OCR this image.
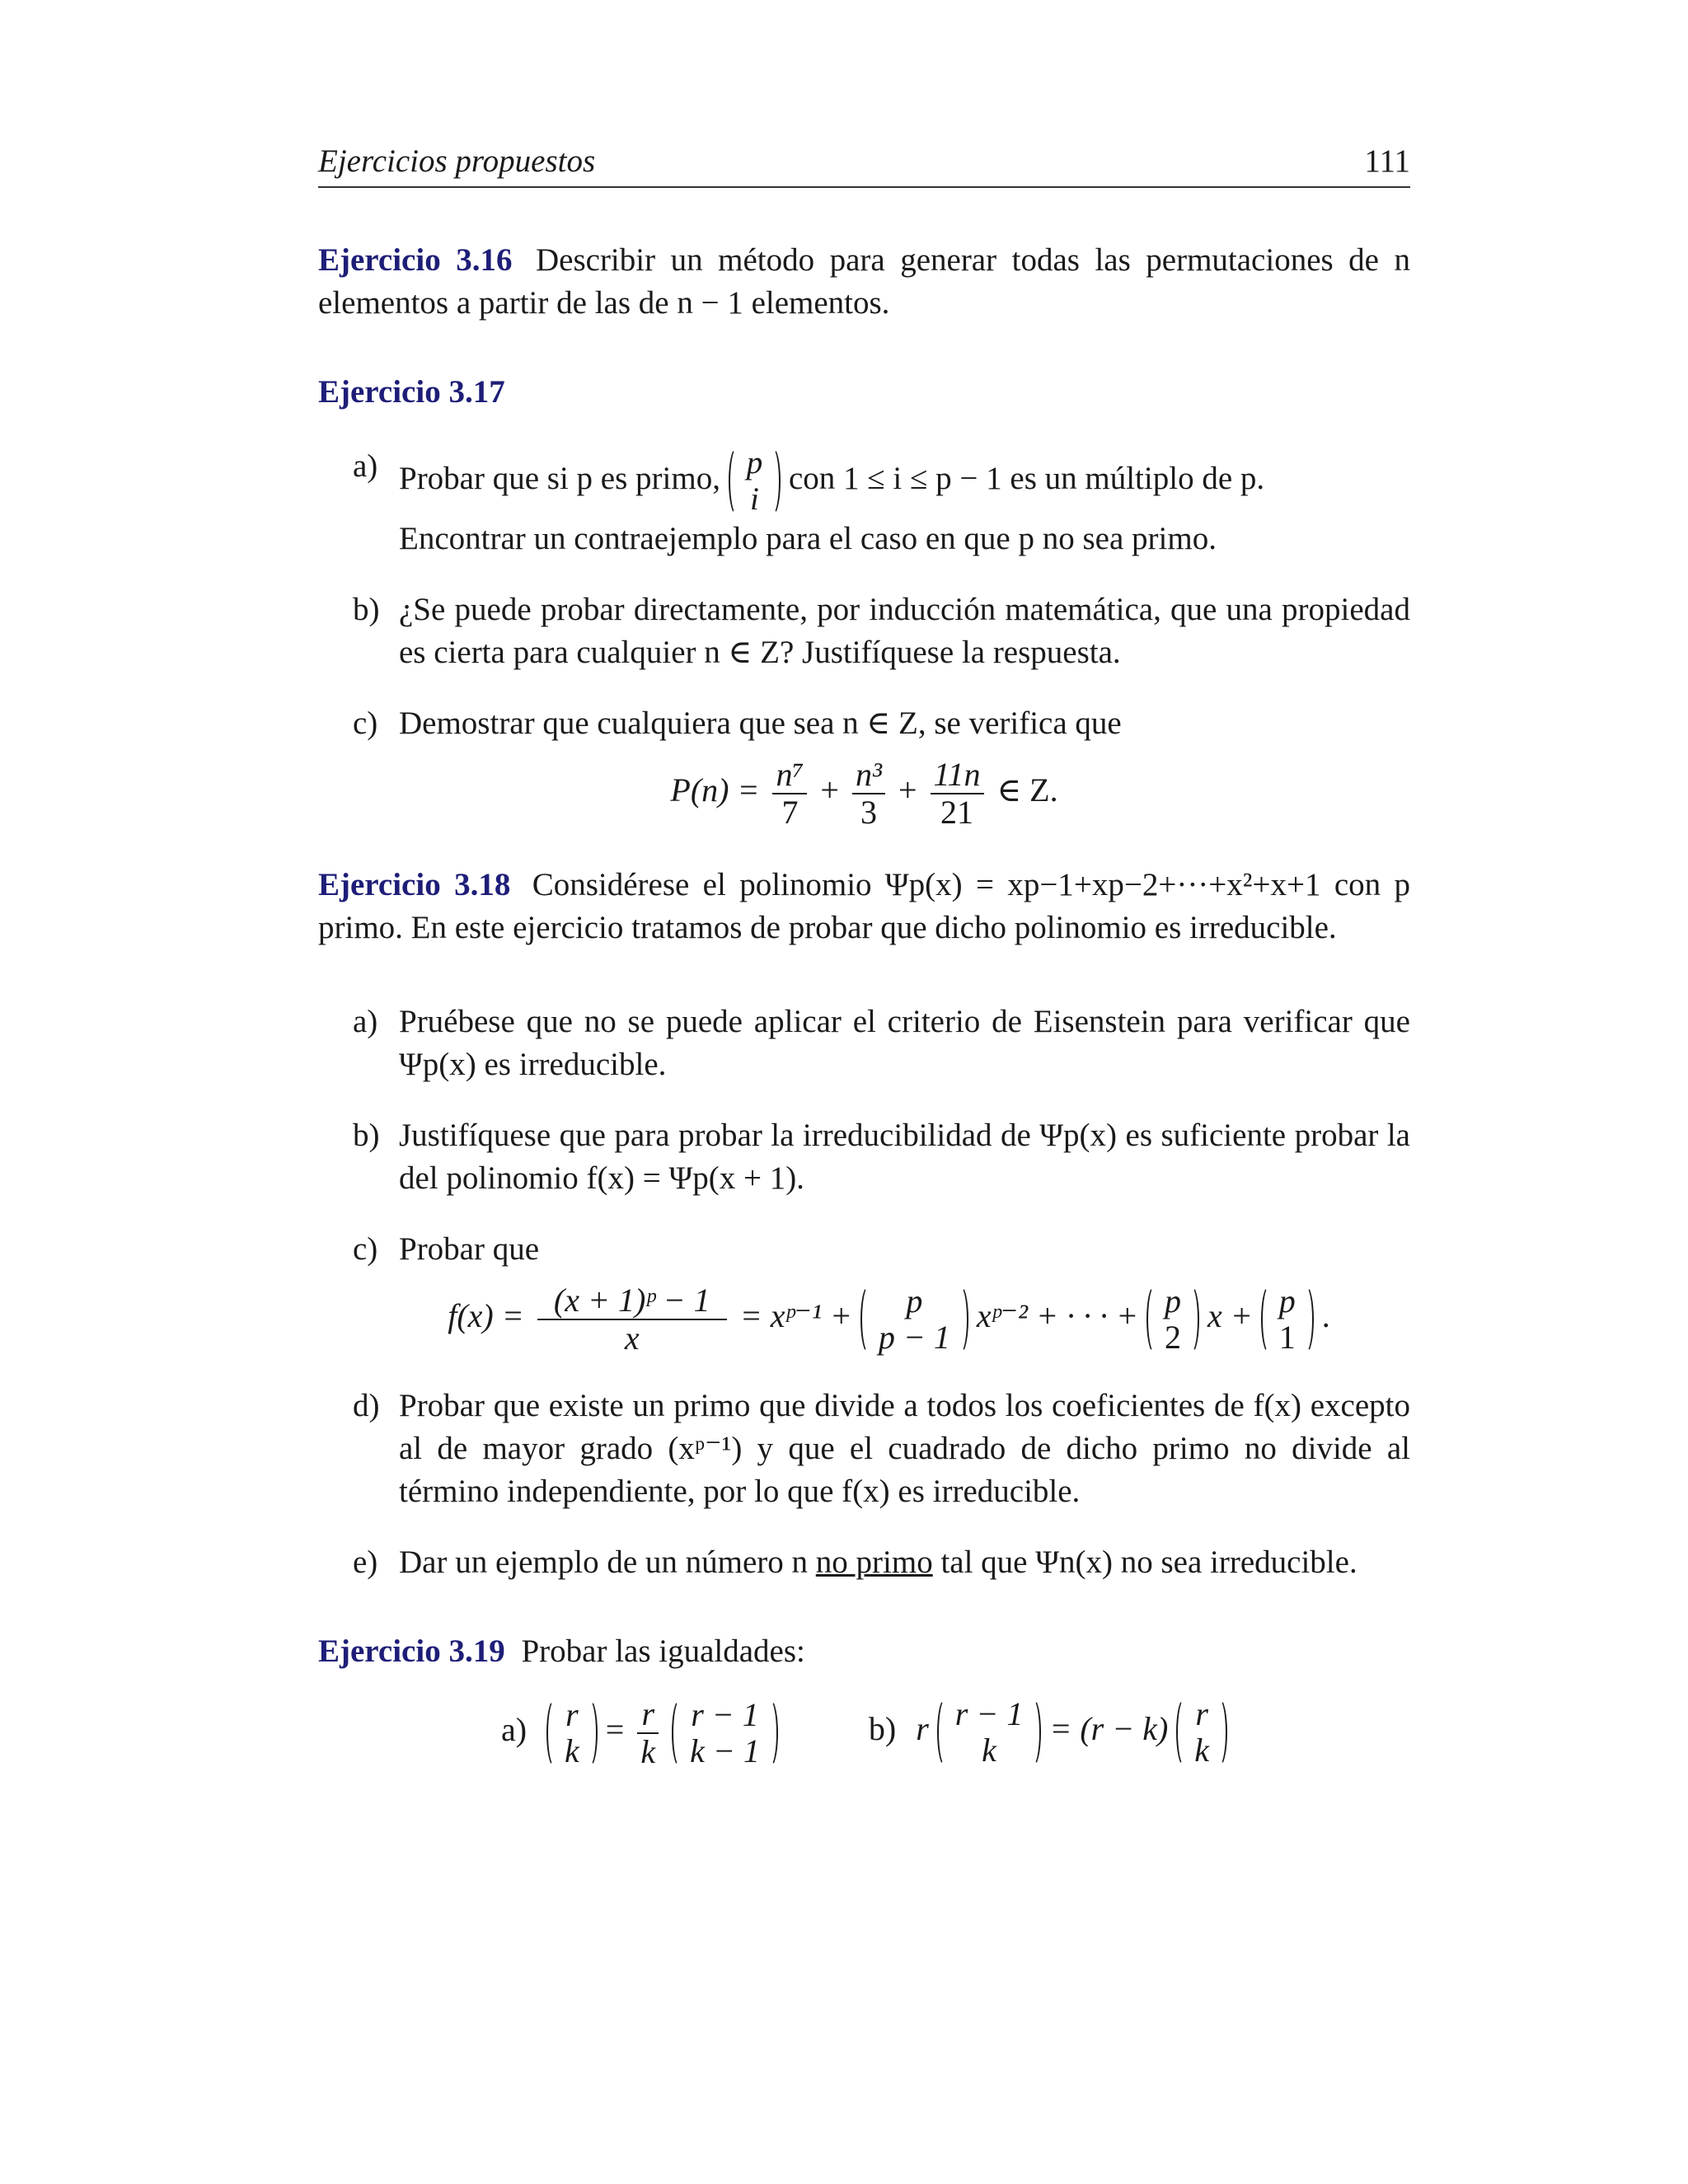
Ejercicios propuestos	111
Ejercicio 3.16 Describir un método para generar todas las permutaciones de n elementos a partir de las de n − 1 elementos.
Ejercicio 3.17
a) Probar que si p es primo, p
i
con 1 ≤ i ≤ p − 1 es un múltiplo de p.
Encontrar un contraejemplo para el caso en que p no sea primo.
b) ¿Se puede probar directamente, por inducción matemática, que una propiedad es cierta para cualquier n ∈ Z? Justifíquese la respuesta.
c) Demostrar que cualquiera que sea n ∈ Z, se verifica que
$P(n) = \frac{\text{n⁷}}{7} + \frac{\text{n³}}{3} + \frac{11n}{21}$ ∈ Z.
Ejercicio 3.18 Considérese el polinomio Ψp(x) = xp−1+xp−2+···+x²+x+1 con p primo. En este ejercicio tratamos de probar que dicho polinomio es irreducible.
a) Pruébese que no se puede aplicar el criterio de Eisenstein para verificar que Ψp(x) es irreducible.
b) Justifíquese que para probar la irreducibilidad de Ψp(x) es suficiente probar la del polinomio f(x) = Ψp(x + 1).
c) Probar que
$f(x) = \frac{\text{(x + 1)ᵖ − 1}}{x}$ = xᵖ⁻¹ +	p
p − 1
xᵖ⁻² + · · · + p
2
x + p
1
.
d) Probar que existe un primo que divide a todos los coeficientes de f(x) excepto al de mayor grado (xᵖ⁻¹) y que el cuadrado de dicho primo no divide al término independiente, por lo que f(x) es irreducible.
e) Dar un ejemplo de un número n no primo tal que Ψn(x) no sea irreducible.
Ejercicio 3.19 Probar las igualdades:
a) r
k
= $\frac{r}{k}$
r − 1
k − 1
b) r r − 1
k
= (r − k) r
k
